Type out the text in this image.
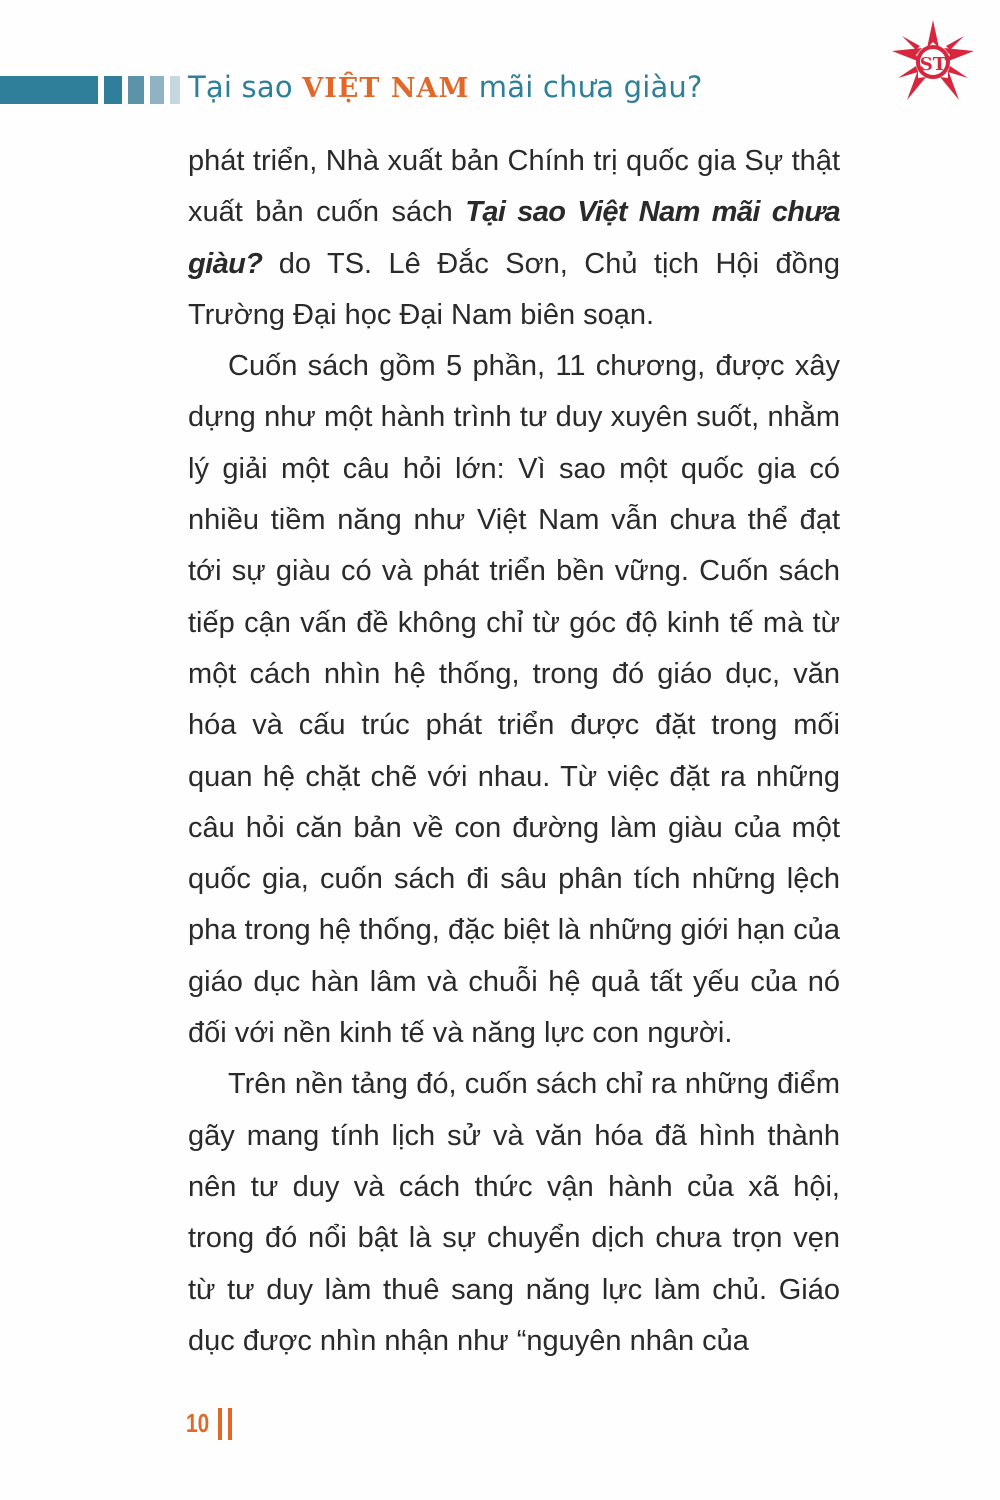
Tại sao VIỆT NAM mãi chưa giàu?
ST

phát triển, Nhà xuất bản Chính trị quốc gia Sự thật xuất bản cuốn sách Tại sao Việt Nam mãi chưa giàu? do TS. Lê Đắc Sơn, Chủ tịch Hội đồng Trường Đại học Đại Nam biên soạn.

Cuốn sách gồm 5 phần, 11 chương, được xây dựng như một hành trình tư duy xuyên suốt, nhằm lý giải một câu hỏi lớn: Vì sao một quốc gia có nhiều tiềm năng như Việt Nam vẫn chưa thể đạt tới sự giàu có và phát triển bền vững. Cuốn sách tiếp cận vấn đề không chỉ từ góc độ kinh tế mà từ một cách nhìn hệ thống, trong đó giáo dục, văn hóa và cấu trúc phát triển được đặt trong mối quan hệ chặt chẽ với nhau. Từ việc đặt ra những câu hỏi căn bản về con đường làm giàu của một quốc gia, cuốn sách đi sâu phân tích những lệch pha trong hệ thống, đặc biệt là những giới hạn của giáo dục hàn lâm và chuỗi hệ quả tất yếu của nó đối với nền kinh tế và năng lực con người.

Trên nền tảng đó, cuốn sách chỉ ra những điểm gãy mang tính lịch sử và văn hóa đã hình thành nên tư duy và cách thức vận hành của xã hội, trong đó nổi bật là sự chuyển dịch chưa trọn vẹn từ tư duy làm thuê sang năng lực làm chủ. Giáo dục được nhìn nhận như “nguyên nhân của

10
